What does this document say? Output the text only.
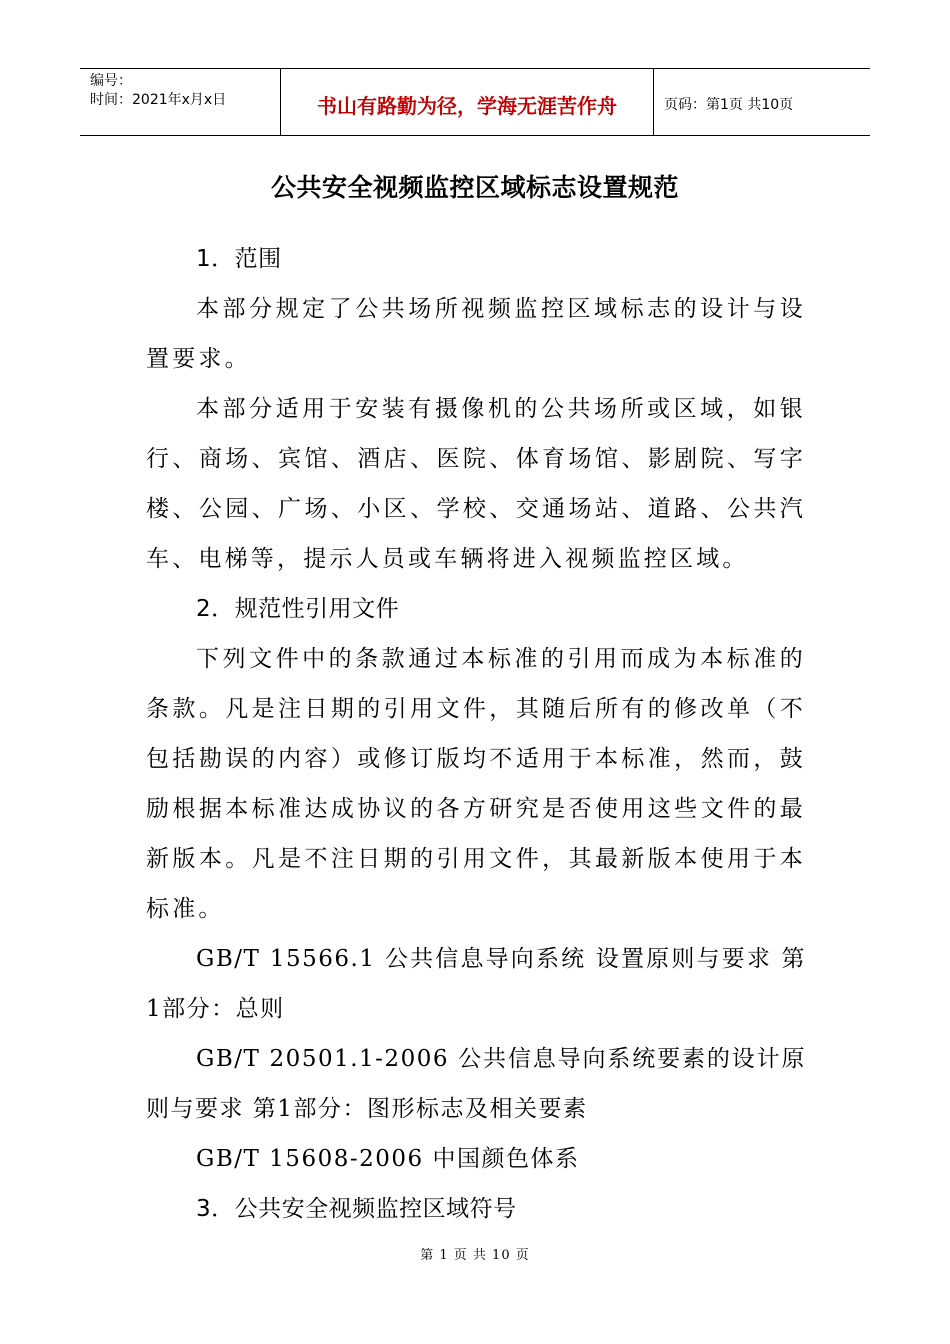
编号：
时间：2021年x月x日	书山有路勤为径，学海无涯苦作舟	页码：第1页 共10页
公共安全视频监控区域标志设置规范

1．范围

本部分规定了公共场所视频监控区域标志的设计与设置要求。

本部分适用于安装有摄像机的公共场所或区域，如银行、商场、宾馆、酒店、医院、体育场馆、影剧院、写字楼、公园、广场、小区、学校、交通场站、道路、公共汽车、电梯等，提示人员或车辆将进入视频监控区域。

2．规范性引用文件

下列文件中的条款通过本标准的引用而成为本标准的条款。凡是注日期的引用文件，其随后所有的修改单（不包括勘误的内容）或修订版均不适用于本标准，然而，鼓励根据本标准达成协议的各方研究是否使用这些文件的最新版本。凡是不注日期的引用文件，其最新版本使用于本标准。

GB/T 15566.1 公共信息导向系统 设置原则与要求 第1部分：总则

GB/T 20501.1-2006 公共信息导向系统要素的设计原则与要求 第1部分：图形标志及相关要素

GB/T 15608-2006 中国颜色体系

3．公共安全视频监控区域符号

第 1 页 共 10 页
